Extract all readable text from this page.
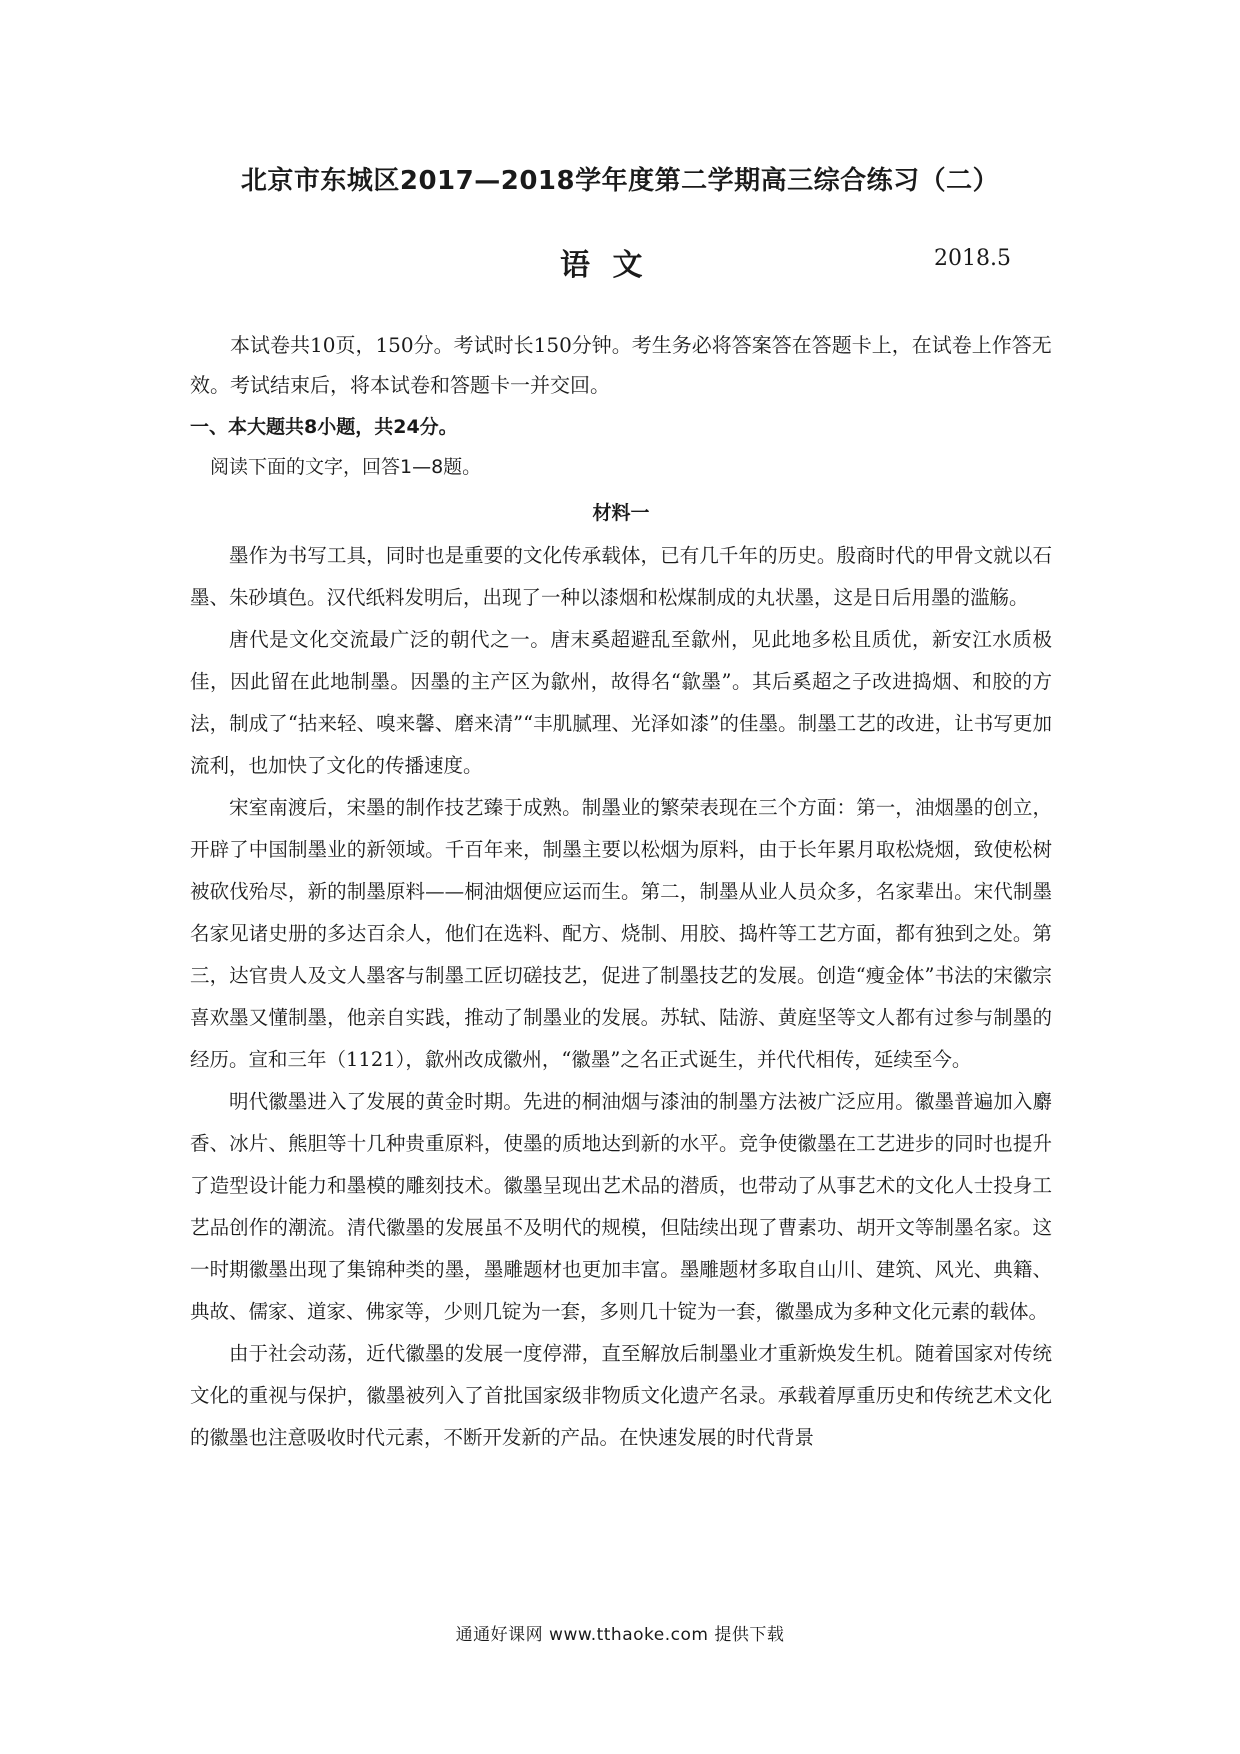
北京市东城区2017—2018学年度第二学期高三综合练习（二）
语 文	2018.5

本试卷共10页，150分。考试时长150分钟。考生务必将答案答在答题卡上，在试卷上作答无效。考试结束后，将本试卷和答题卡一并交回。

一、本大题共8小题，共24分。

阅读下面的文字，回答1—8题。

材料一

墨作为书写工具，同时也是重要的文化传承载体，已有几千年的历史。殷商时代的甲骨文就以石墨、朱砂填色。汉代纸料发明后，出现了一种以漆烟和松煤制成的丸状墨，这是日后用墨的滥觞。

唐代是文化交流最广泛的朝代之一。唐末奚超避乱至歙州，见此地多松且质优，新安江水质极佳，因此留在此地制墨。因墨的主产区为歙州，故得名“歙墨”。其后奚超之子改进捣烟、和胶的方法，制成了“拈来轻、嗅来馨、磨来清”“丰肌腻理、光泽如漆”的佳墨。制墨工艺的改进，让书写更加流利，也加快了文化的传播速度。

宋室南渡后，宋墨的制作技艺臻于成熟。制墨业的繁荣表现在三个方面：第一，油烟墨的创立，开辟了中国制墨业的新领域。千百年来，制墨主要以松烟为原料，由于长年累月取松烧烟，致使松树被砍伐殆尽，新的制墨原料——桐油烟便应运而生。第二，制墨从业人员众多，名家辈出。宋代制墨名家见诸史册的多达百余人，他们在选料、配方、烧制、用胶、捣杵等工艺方面，都有独到之处。第三，达官贵人及文人墨客与制墨工匠切磋技艺，促进了制墨技艺的发展。创造“瘦金体”书法的宋徽宗喜欢墨又懂制墨，他亲自实践，推动了制墨业的发展。苏轼、陆游、黄庭坚等文人都有过参与制墨的经历。宣和三年（1121），歙州改成徽州，“徽墨”之名正式诞生，并代代相传，延续至今。

明代徽墨进入了发展的黄金时期。先进的桐油烟与漆油的制墨方法被广泛应用。徽墨普遍加入麝香、冰片、熊胆等十几种贵重原料，使墨的质地达到新的水平。竞争使徽墨在工艺进步的同时也提升了造型设计能力和墨模的雕刻技术。徽墨呈现出艺术品的潜质，也带动了从事艺术的文化人士投身工艺品创作的潮流。清代徽墨的发展虽不及明代的规模，但陆续出现了曹素功、胡开文等制墨名家。这一时期徽墨出现了集锦种类的墨，墨雕题材也更加丰富。墨雕题材多取自山川、建筑、风光、典籍、典故、儒家、道家、佛家等，少则几锭为一套，多则几十锭为一套，徽墨成为多种文化元素的载体。

由于社会动荡，近代徽墨的发展一度停滞，直至解放后制墨业才重新焕发生机。随着国家对传统文化的重视与保护，徽墨被列入了首批国家级非物质文化遗产名录。承载着厚重历史和传统艺术文化的徽墨也注意吸收时代元素，不断开发新的产品。在快速发展的时代背景

通通好课网 www.tthaoke.com 提供下载
